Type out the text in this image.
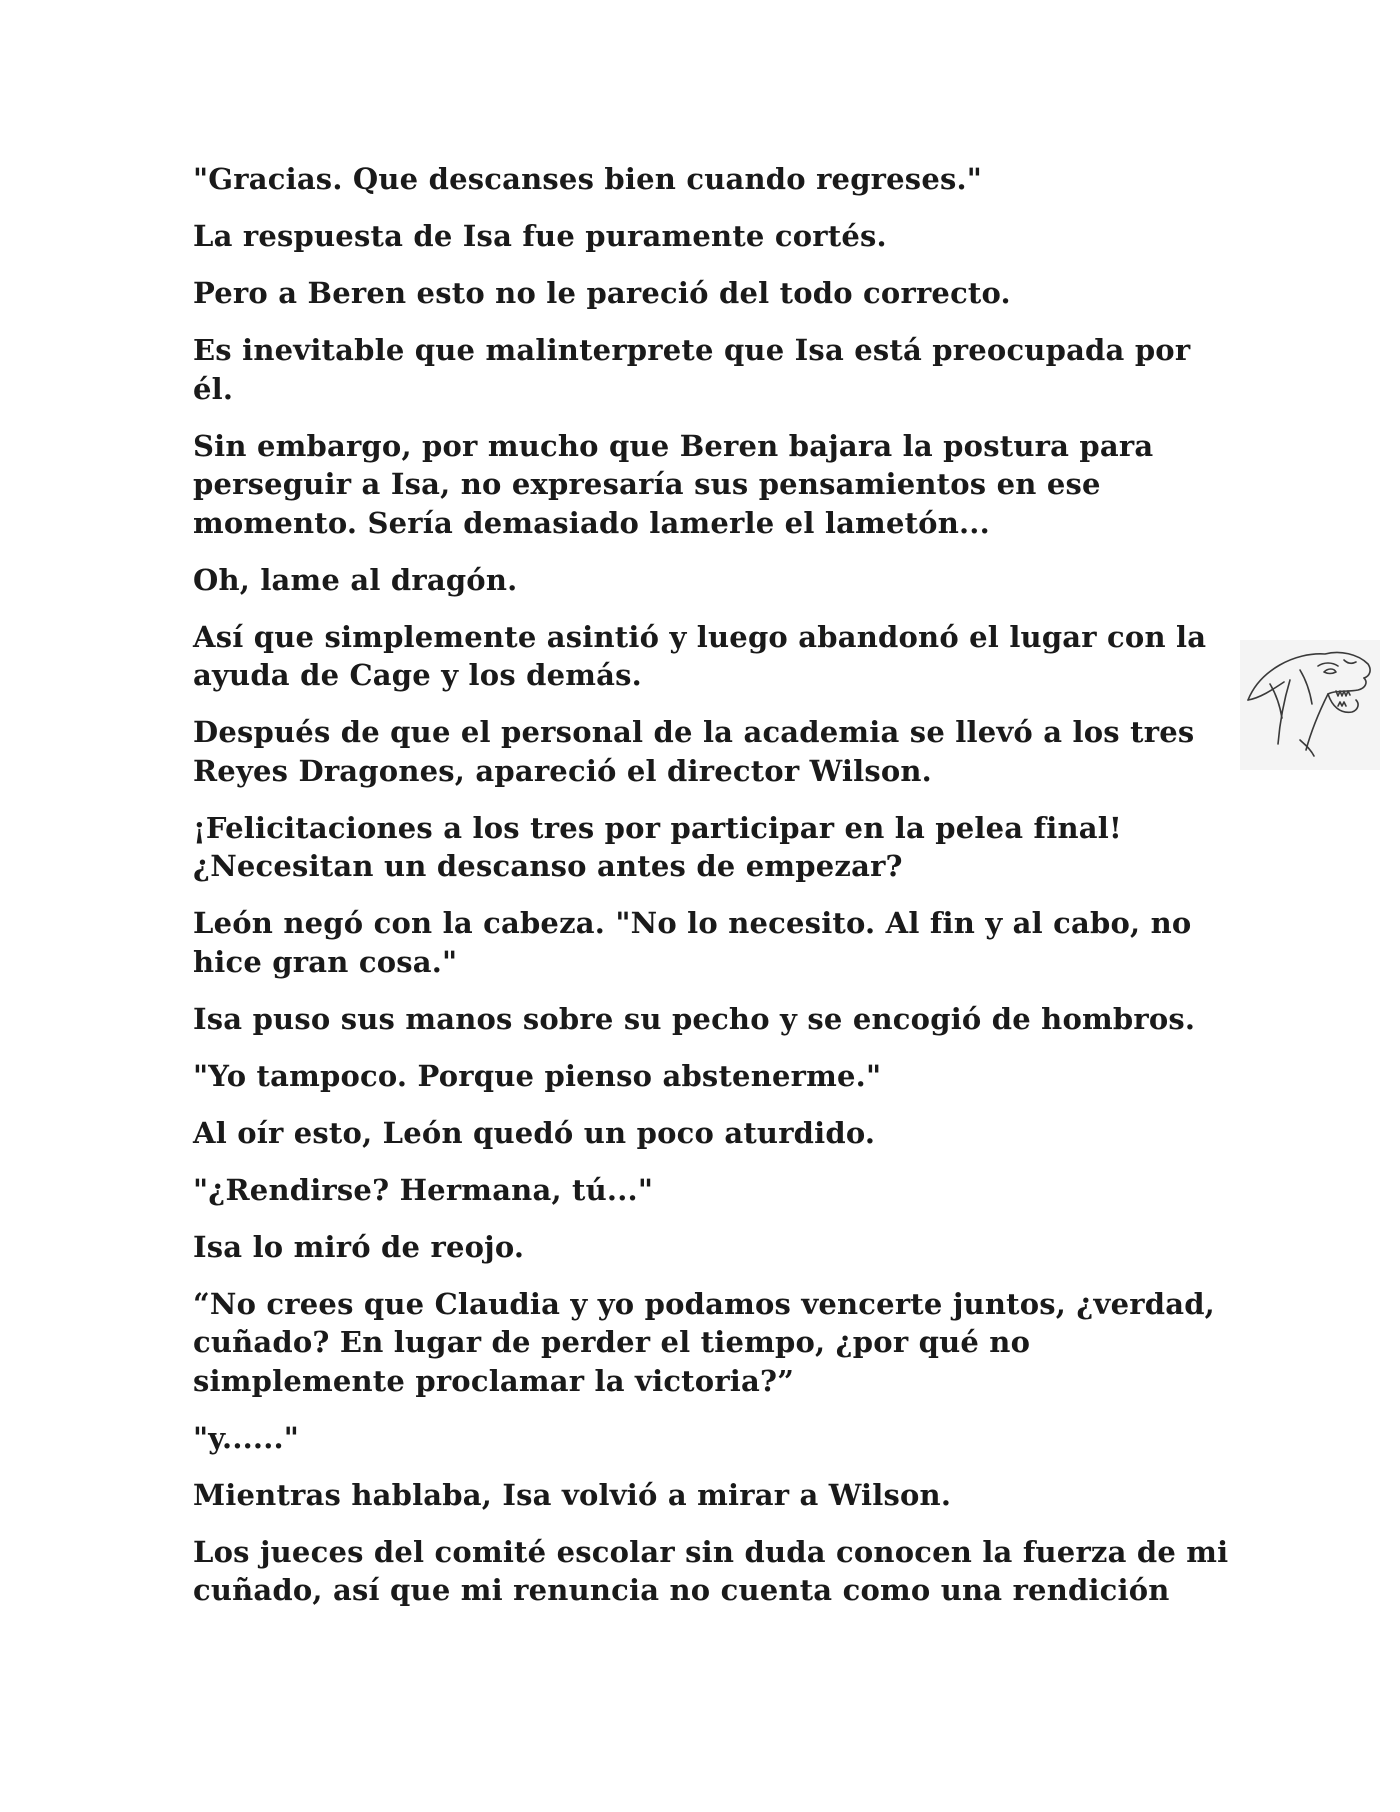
"Gracias. Que descanses bien cuando regreses."

La respuesta de Isa fue puramente cortés.

Pero a Beren esto no le pareció del todo correcto.

Es inevitable que malinterprete que Isa está preocupada por
él.

Sin embargo, por mucho que Beren bajara la postura para
perseguir a Isa, no expresaría sus pensamientos en ese
momento. Sería demasiado lamerle el lametón...

Oh, lame al dragón.

Así que simplemente asintió y luego abandonó el lugar con la
ayuda de Cage y los demás.

Después de que el personal de la academia se llevó a los tres
Reyes Dragones, apareció el director Wilson.

¡Felicitaciones a los tres por participar en la pelea final!
¿Necesitan un descanso antes de empezar?

León negó con la cabeza. "No lo necesito. Al fin y al cabo, no
hice gran cosa."

Isa puso sus manos sobre su pecho y se encogió de hombros.

"Yo tampoco. Porque pienso abstenerme."

Al oír esto, León quedó un poco aturdido.

"¿Rendirse? Hermana, tú..."

Isa lo miró de reojo.

“No crees que Claudia y yo podamos vencerte juntos, ¿verdad,
cuñado? En lugar de perder el tiempo, ¿por qué no
simplemente proclamar la victoria?”

"y......"

Mientras hablaba, Isa volvió a mirar a Wilson.

Los jueces del comité escolar sin duda conocen la fuerza de mi
cuñado, así que mi renuncia no cuenta como una rendición
